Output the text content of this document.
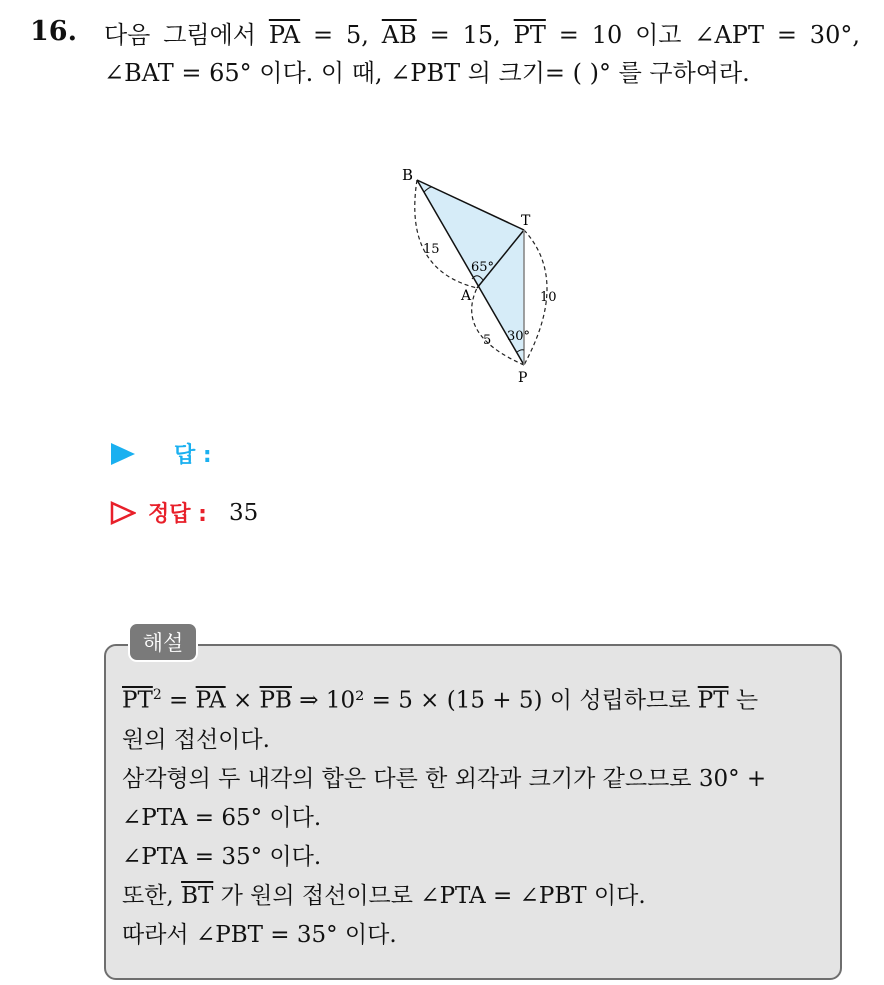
16. 다음 그림에서 $\overline{PA} = 5$, $\overline{AB} = 15$, $\overline{PT} = 10$ 이고 ∠APT = 30°, ∠BAT = 65° 이다. 이 때, ∠PBT 의 크기= ( )° 를 구하여라.
B
T
A
P
15
5
10
65°
30°
답 :
정답 : 35
해설

$\overline{PT}^2 = \overline{PA} \times \overline{PB}$ ⇒ 10² = 5 × (15 + 5) 이 성립하므로 $\overline{PT}$ 는

원의 접선이다.

삼각형의 두 내각의 합은 다른 한 외각과 크기가 같으므로 30° +

∠PTA = 65° 이다.

∠PTA = 35° 이다.

또한, $\overline{BT}$ 가 원의 접선이므로 ∠PTA = ∠PBT 이다.

따라서 ∠PBT = 35° 이다.
